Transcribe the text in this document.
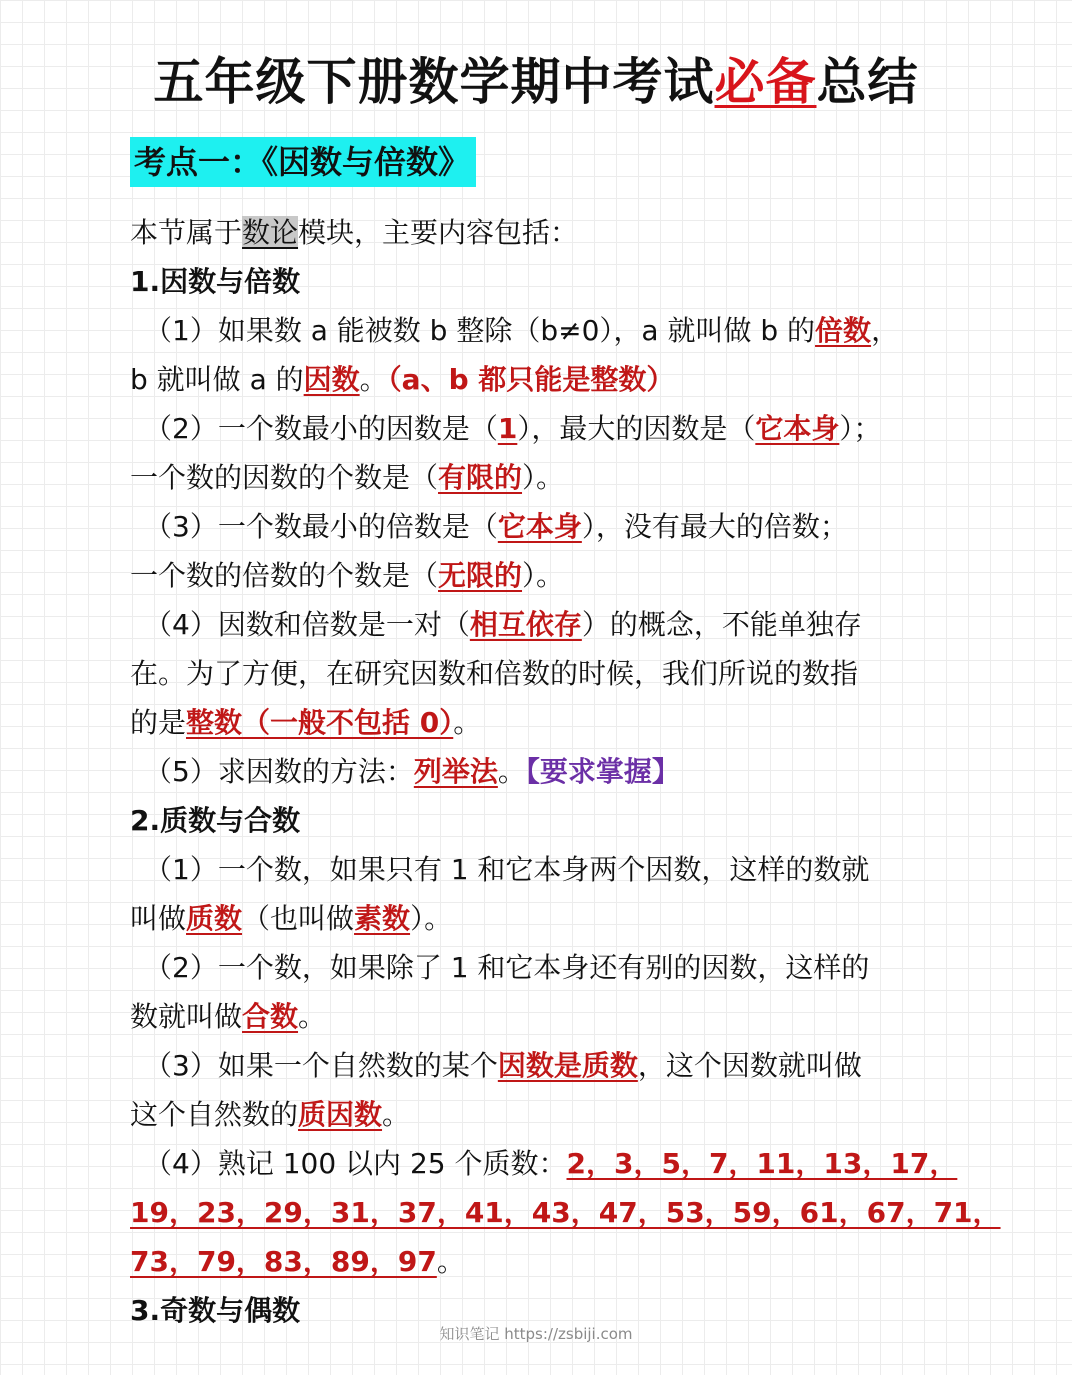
五年级下册数学期中考试必备总结
考点一：《因数与倍数》
本节属于数论模块，主要内容包括：
1.因数与倍数
（1）如果数 a 能被数 b 整除（b≠0），a 就叫做 b 的倍数，
b 就叫做 a 的因数。（a、b 都只能是整数）
（2）一个数最小的因数是（1），最大的因数是（它本身）；
一个数的因数的个数是（有限的）。
（3）一个数最小的倍数是（它本身），没有最大的倍数；
一个数的倍数的个数是（无限的）。
（4）因数和倍数是一对（相互依存）的概念，不能单独存
在。为了方便，在研究因数和倍数的时候，我们所说的数指
的是整数（一般不包括 0）。
（5）求因数的方法：列举法。【要求掌握】
2.质数与合数
（1）一个数，如果只有 1 和它本身两个因数，这样的数就
叫做质数（也叫做素数）。
（2）一个数，如果除了 1 和它本身还有别的因数，这样的
数就叫做合数。
（3）如果一个自然数的某个因数是质数，这个因数就叫做
这个自然数的质因数。
（4）熟记 100 以内 25 个质数：2，3，5，7，11，13，17，
19，23，29，31，37，41，43，47，53，59，61，67，71，
73，79，83，89，97。
3.奇数与偶数
知识笔记 https://zsbiji.com
